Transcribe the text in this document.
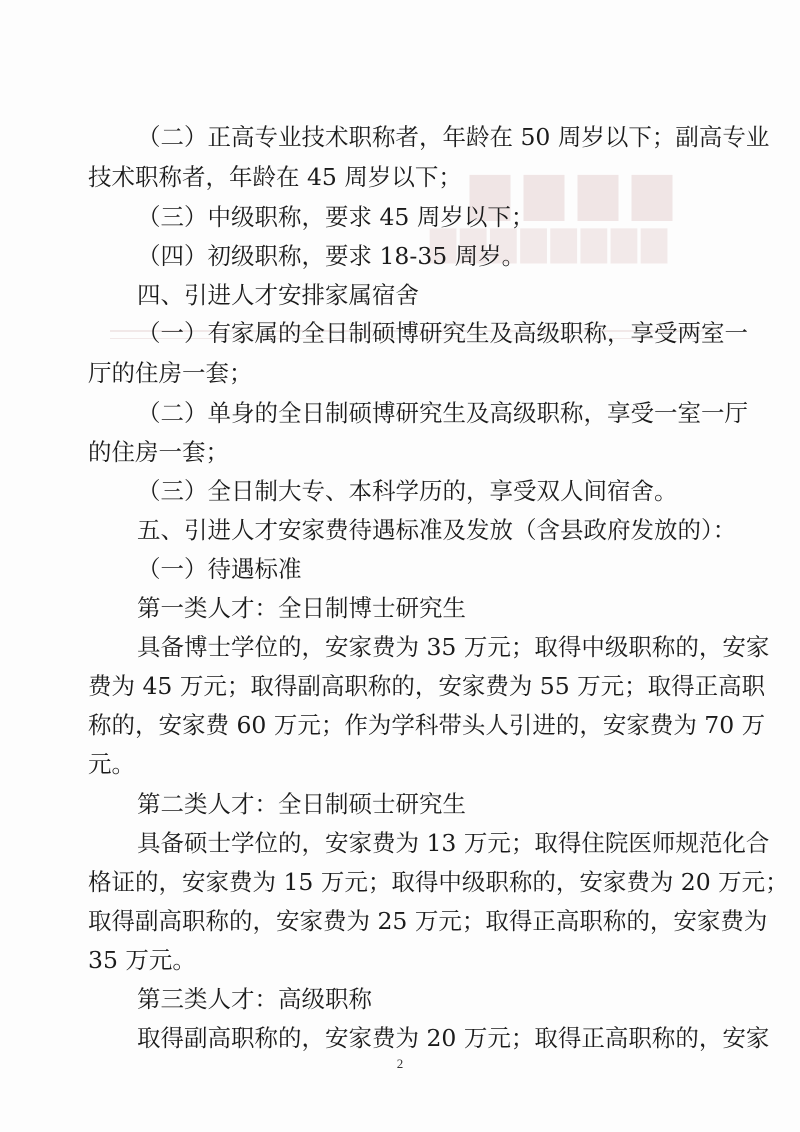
▆▆▆▆
▇▇▇▇▇▇▇▇
（二）正高专业技术职称者，年龄在 50 周岁以下；副高专业
技术职称者，年龄在 45 周岁以下；
（三）中级职称，要求 45 周岁以下；
（四）初级职称，要求 18-35 周岁。
四、引进人才安排家属宿舍
（一）有家属的全日制硕博研究生及高级职称，享受两室一
厅的住房一套；
（二）单身的全日制硕博研究生及高级职称，享受一室一厅
的住房一套；
（三）全日制大专、本科学历的，享受双人间宿舍。
五、引进人才安家费待遇标准及发放（含县政府发放的）：
（一）待遇标准
第一类人才：全日制博士研究生
具备博士学位的，安家费为 35 万元；取得中级职称的，安家
费为 45 万元；取得副高职称的，安家费为 55 万元；取得正高职
称的，安家费 60 万元；作为学科带头人引进的，安家费为 70 万
元。
第二类人才：全日制硕士研究生
具备硕士学位的，安家费为 13 万元；取得住院医师规范化合
格证的，安家费为 15 万元；取得中级职称的，安家费为 20 万元；
取得副高职称的，安家费为 25 万元；取得正高职称的，安家费为
35 万元。
第三类人才：高级职称
取得副高职称的，安家费为 20 万元；取得正高职称的，安家
2
